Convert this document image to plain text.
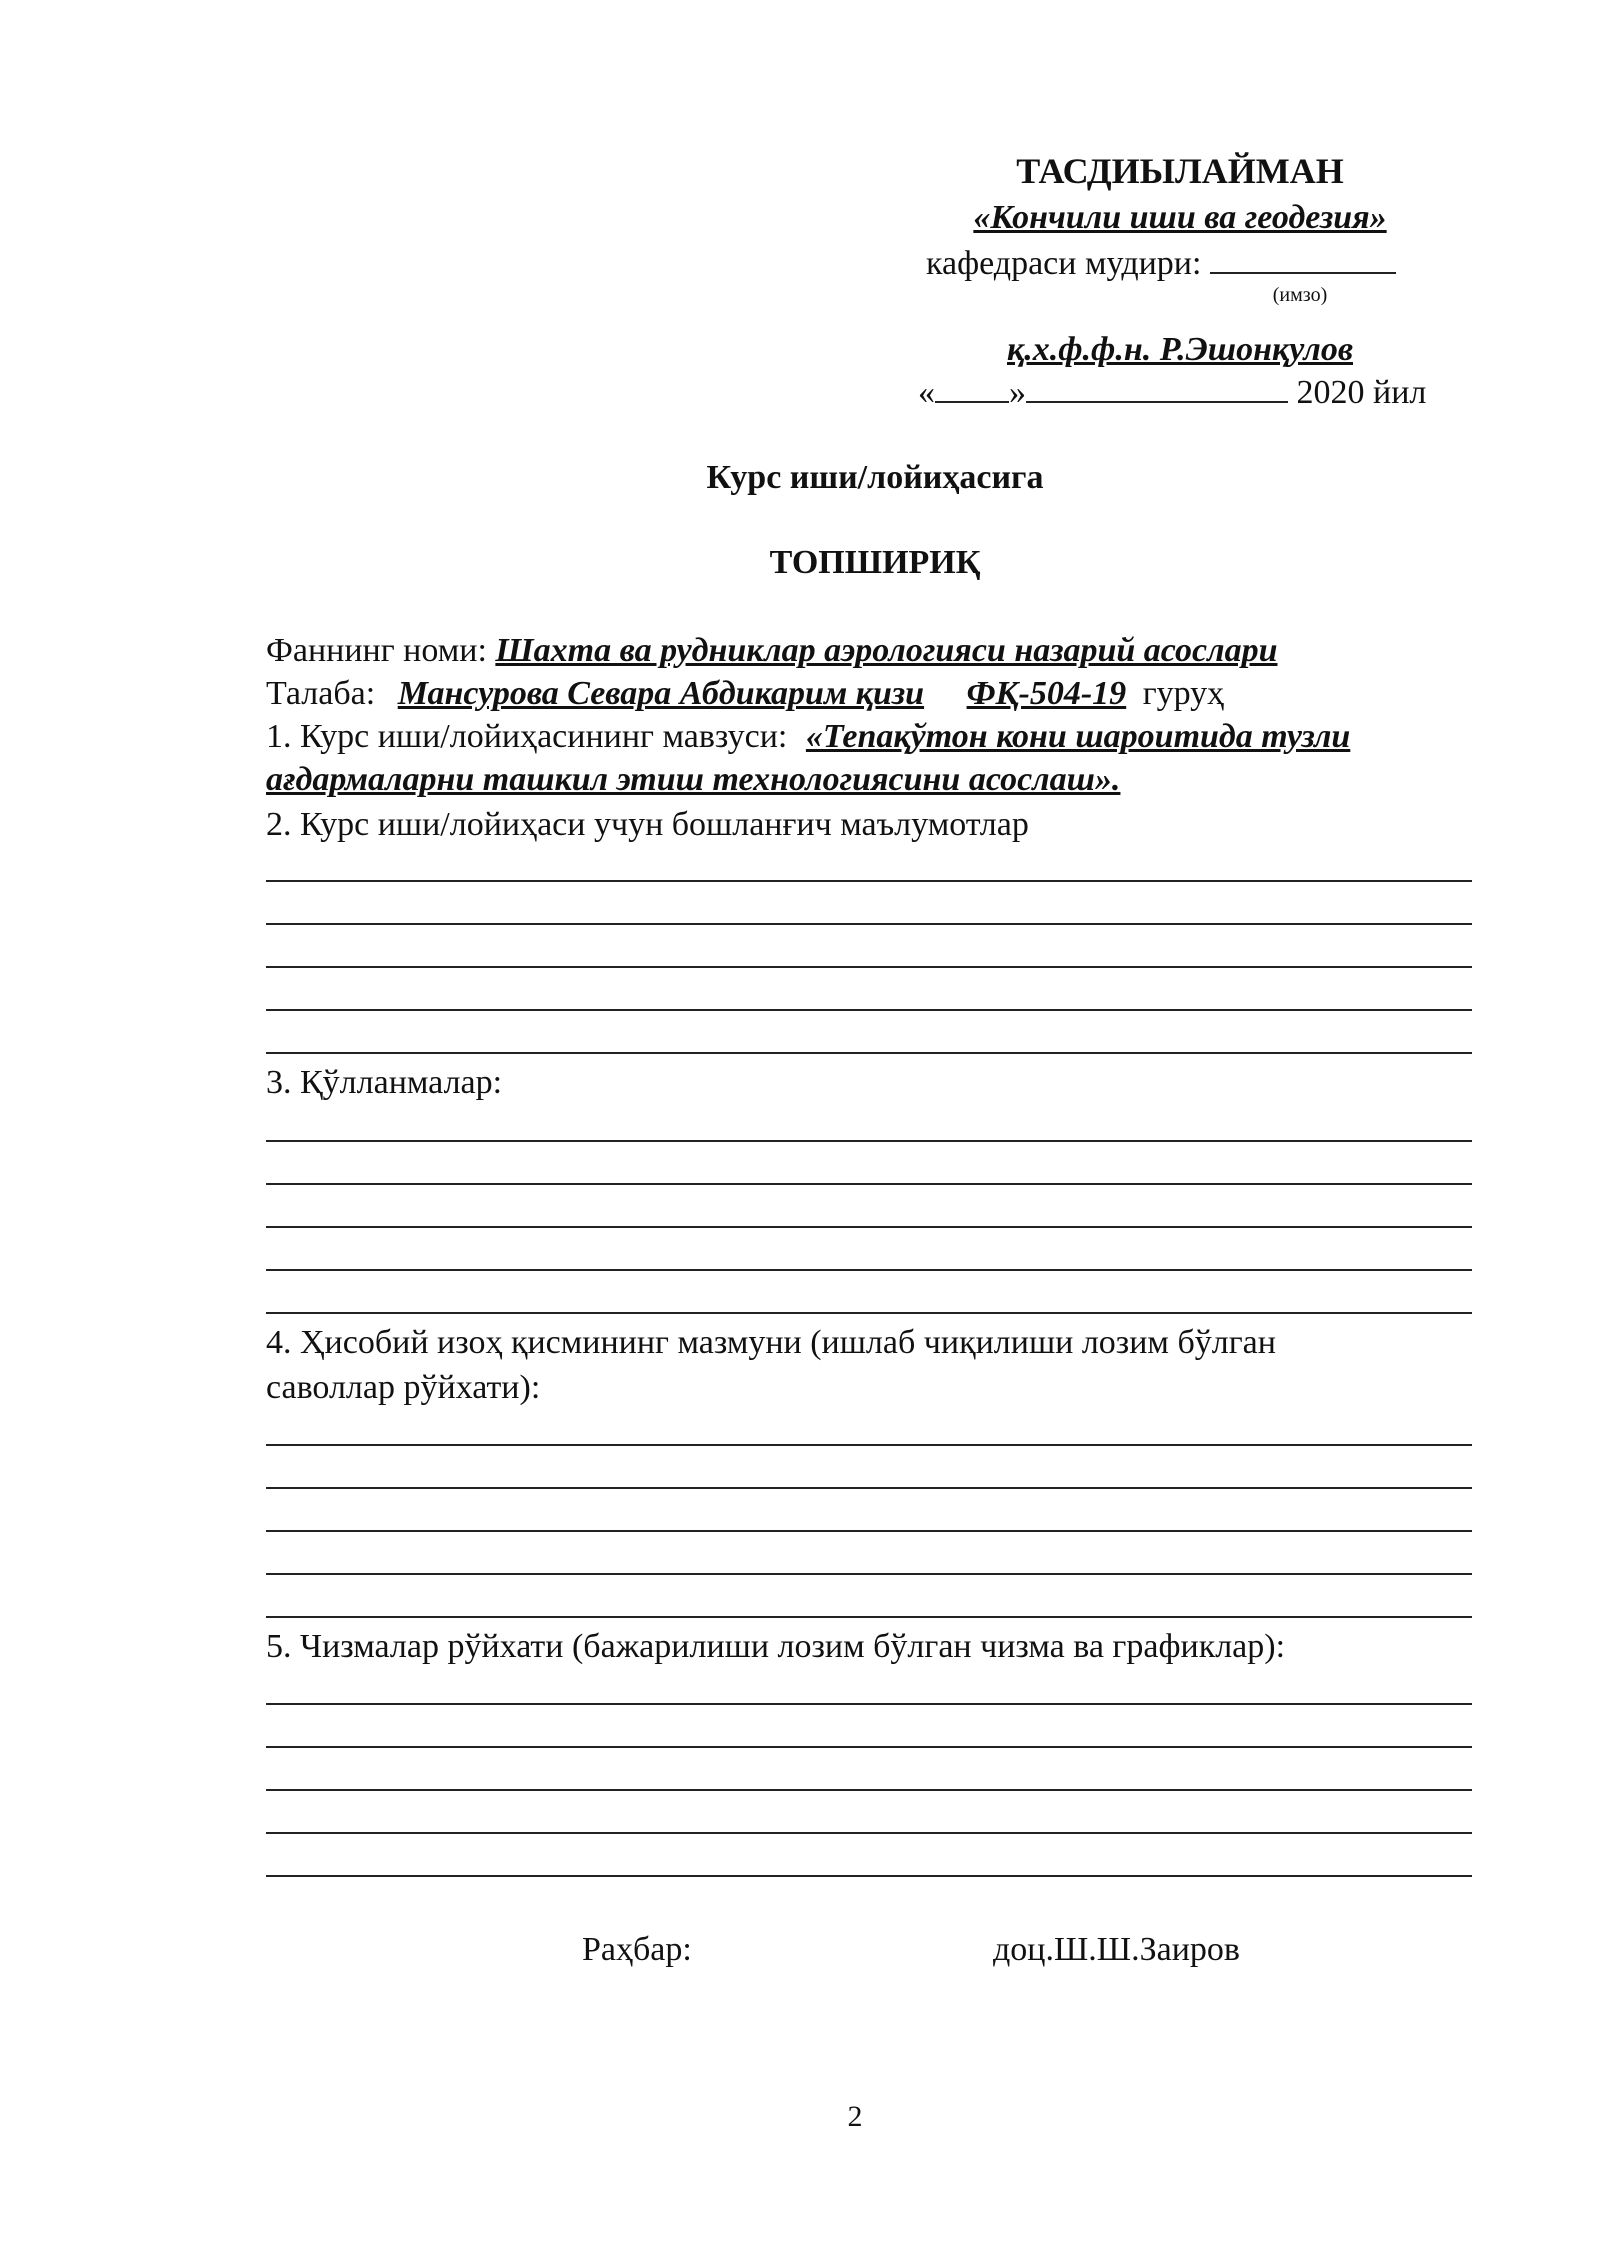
ТАСДИЫЛАЙМАН
«Кончили иши ва геодезия»
кафедраси мудири:
(имзо)
қ.х.ф.ф.н. Р.Эшонқулов
« »	2020 йил
Курс иши/лойиҳасига
ТОПШИРИҚ
Фаннинг номи: Шахта ва рудниклар аэрологияси назарий асослари
Талаба: Мансурова Севара Абдикарим қизи ФҚ-504-19 гуруҳ
1. Курс иши/лойиҳасининг мавзуси: «Тепақўтон кони шароитида тузли
ағдармаларни ташкил этиш технологиясини асослаш».
2. Курс иши/лойиҳаси учун бошланғич маълумотлар
3. Қўлланмалар:
4. Ҳисобий изоҳ қисмининг мазмуни (ишлаб чиқилиши лозим бўлган
саволлар рўйхати):
5. Чизмалар рўйхати (бажарилиши лозим бўлган чизма ва графиклар):
Раҳбар:	доц.Ш.Ш.Заиров
2
